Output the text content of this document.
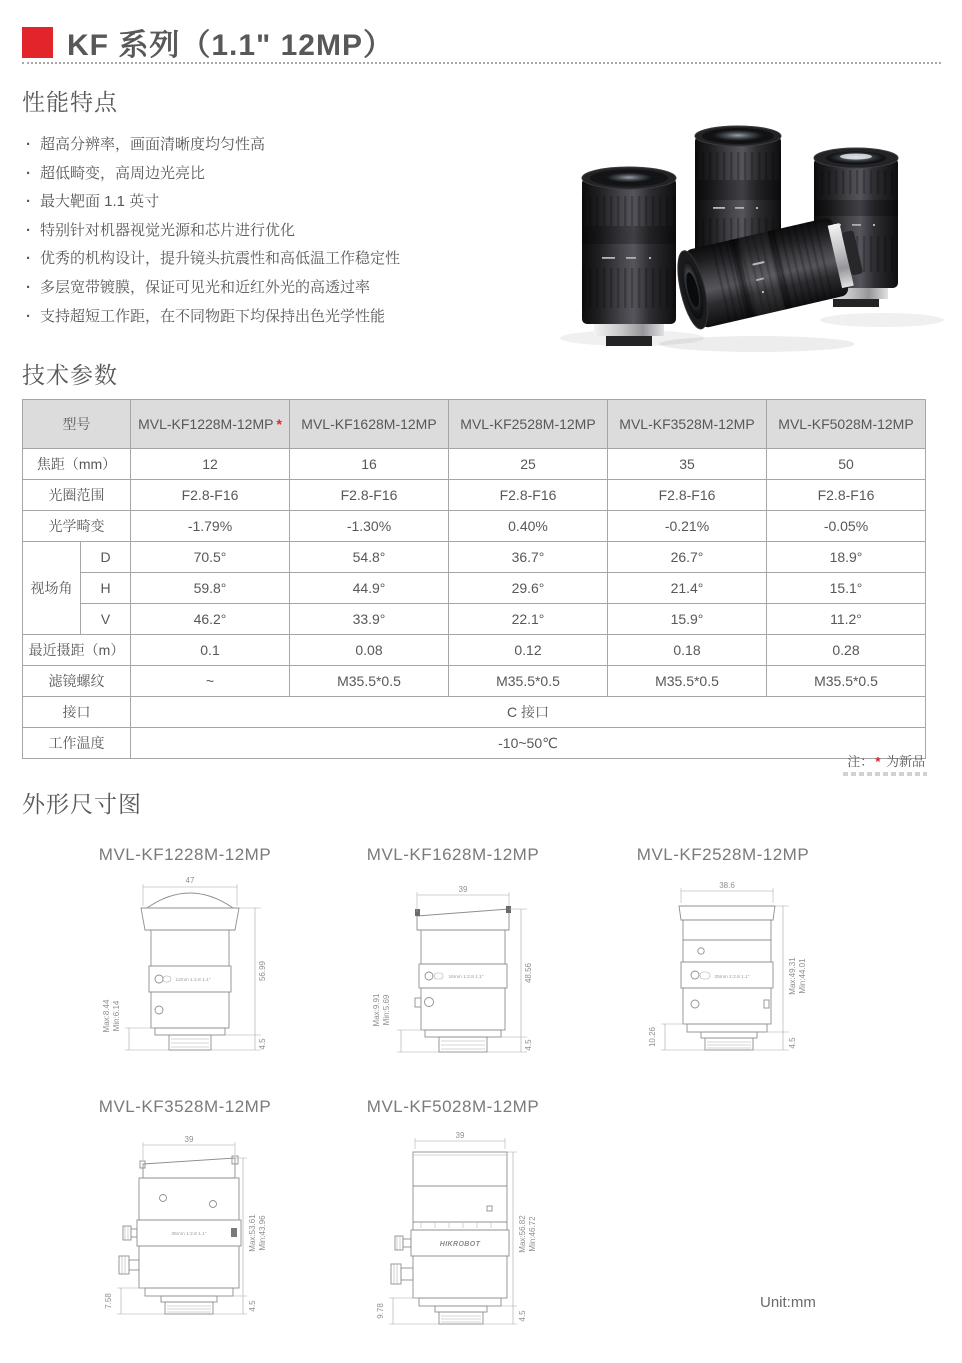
KF 系列（1.1" 12MP）
性能特点
· 超高分辨率，画面清晰度均匀性高
· 超低畸变，高周边光亮比
· 最大靶面 1.1 英寸
· 特别针对机器视觉光源和芯片进行优化
· 优秀的机构设计，提升镜头抗震性和高低温工作稳定性
· 多层宽带镀膜，保证可见光和近红外光的高透过率
· 支持超短工作距，在不同物距下均保持出色光学性能
技术参数
型号		MVL-KF1228M-12MP *	MVL-KF1628M-12MP	MVL-KF2528M-12MP	MVL-KF3528M-12MP	MVL-KF5028M-12MP
焦距（mm）		12	16	25	35	50
光圈范围		F2.8-F16	F2.8-F16	F2.8-F16	F2.8-F16	F2.8-F16
光学畸变		-1.79%	-1.30%	0.40%	-0.21%	-0.05%
视场角	D	70.5°	54.8°	36.7°	26.7°	18.9°
	H	59.8°	44.9°	29.6°	21.4°	15.1°
	V	46.2°	33.9°	22.1°	15.9°	11.2°
最近摄距（m）		0.1	0.08	0.12	0.18	0.28
滤镜螺纹		~	M35.5*0.5	M35.5*0.5	M35.5*0.5	M35.5*0.5
接口		C 接口				
工作温度		-10~50℃				
注： * 为新品
外形尺寸图
MVL-KF1228M-12MP	MVL-KF1628M-12MP	MVL-KF2528M-12MP
MVL-KF3528M-12MP	MVL-KF5028M-12MP
47
56.99
4.5
Max:8.44 Min:6.14
12mm 1:2.8 1.1"
39
48.56
4.5
Max:9.91 Min:5.69
16mm 1:2.8 1.1"
38.6
Max:49.31 Min:44.01
4.5
10.26
25mm 1:2.8 1.1"
39
Max:53.61 Min:43.96
4.5
7.58
35mm 1:2.8 1.1"
39
Max:56.82 Min:46.72
4.5
9.78
HIKROBOT
Unit:mm
